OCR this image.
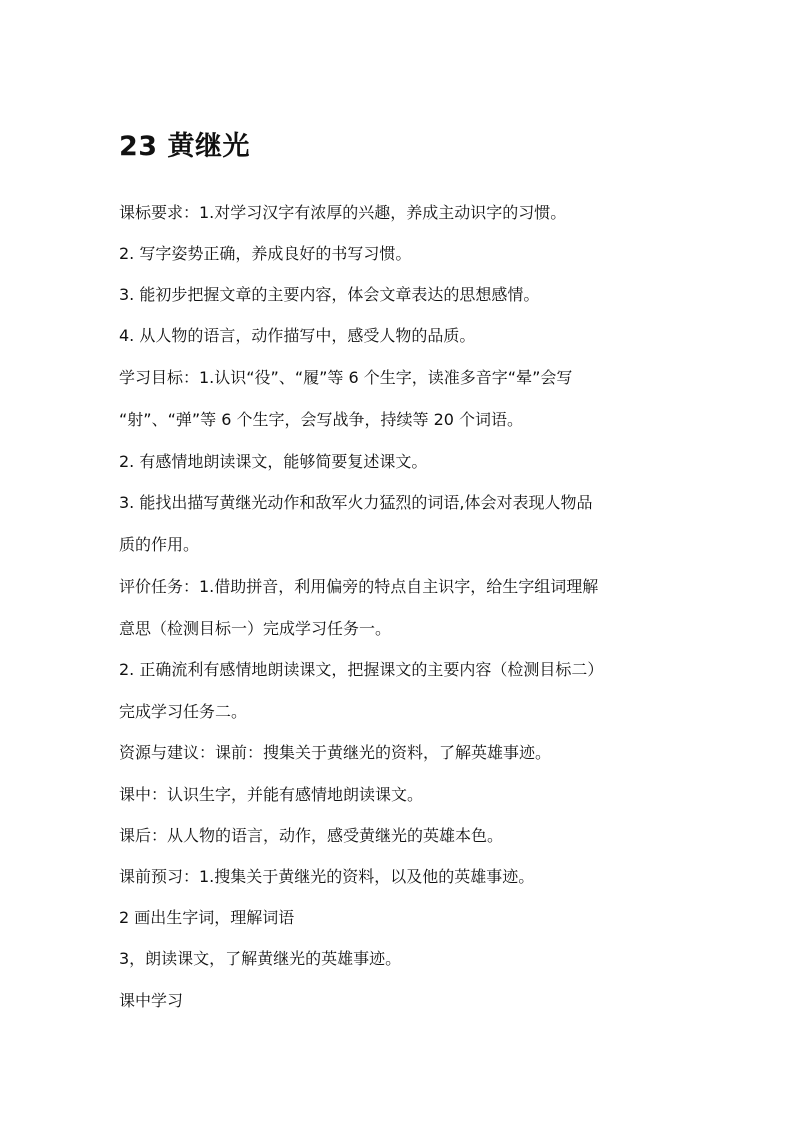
23 黄继光

课标要求：1.对学习汉字有浓厚的兴趣，养成主动识字的习惯。

2. 写字姿势正确，养成良好的书写习惯。

3. 能初步把握文章的主要内容，体会文章表达的思想感情。

4. 从人物的语言，动作描写中，感受人物的品质。

学习目标：1.认识“役”、“履”等 6 个生字，读准多音字“晕”会写

“射”、“弹”等 6 个生字，会写战争，持续等 20 个词语。

2. 有感情地朗读课文，能够简要复述课文。

3. 能找出描写黄继光动作和敌军火力猛烈的词语,体会对表现人物品

质的作用。

评价任务：1.借助拼音，利用偏旁的特点自主识字，给生字组词理解

意思（检测目标一）完成学习任务一。

2. 正确流利有感情地朗读课文，把握课文的主要内容（检测目标二）

完成学习任务二。

资源与建议：课前：搜集关于黄继光的资料，了解英雄事迹。

课中：认识生字，并能有感情地朗读课文。

课后：从人物的语言，动作，感受黄继光的英雄本色。

课前预习：1.搜集关于黄继光的资料，以及他的英雄事迹。

2 画出生字词，理解词语

3，朗读课文，了解黄继光的英雄事迹。

课中学习
